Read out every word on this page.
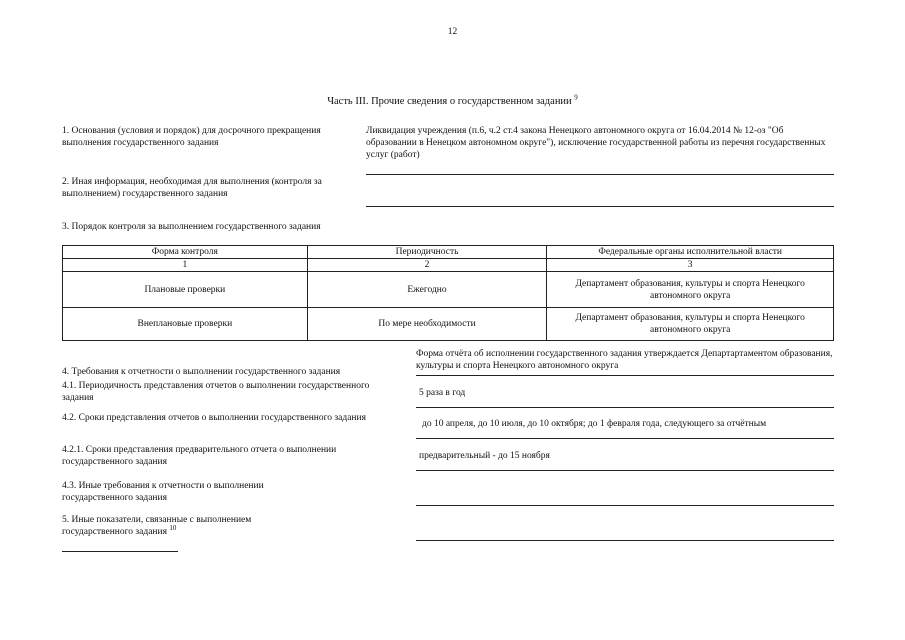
12
Часть III. Прочие сведения о государственном задании $^9$
1. Основания (условия и порядок) для досрочного прекращения выполнения государственного задания
Ликвидация учреждения (п.6, ч.2 ст.4 закона Ненецкого автономного округа от 16.04.2014 № 12-оз "Об образовании в Ненецком автономном округе"), исключение государственной работы из перечня государственных услуг (работ)
2. Иная информация, необходимая для выполнения (контроля за выполнением) государственного задания
3. Порядок контроля за выполнением государственного задания
Форма контроля	Периодичность	Федеральные органы исполнительной власти
1	2	3
Плановые проверки	Ежегодно	Департамент образования, культуры и спорта Ненецкого автономного округа
Внеплановые проверки	По мере необходимости	Департамент образования, культуры и спорта Ненецкого автономного округа
Форма отчёта об исполнении государственного задания утверждается Департартаментом образования, культуры и спорта Ненецкого автономного округа
4. Требования к отчетности о выполнении государственного задания
4.1. Периодичность представления отчетов о выполнении государственного задания	5 раза в год
4.2. Сроки представления отчетов о выполнении государственного задания
до 10 апреля, до 10 июля, до 10 октября; до 1 февраля года, следующего за отчётным
4.2.1. Сроки представления предварительного отчета о выполнении государственного задания
предварительный - до 15 ноября
4.3. Иные требования к отчетности о выполнении государственного задания
5. Иные показатели, связанные с выполнением государственного задания $^{10}$
